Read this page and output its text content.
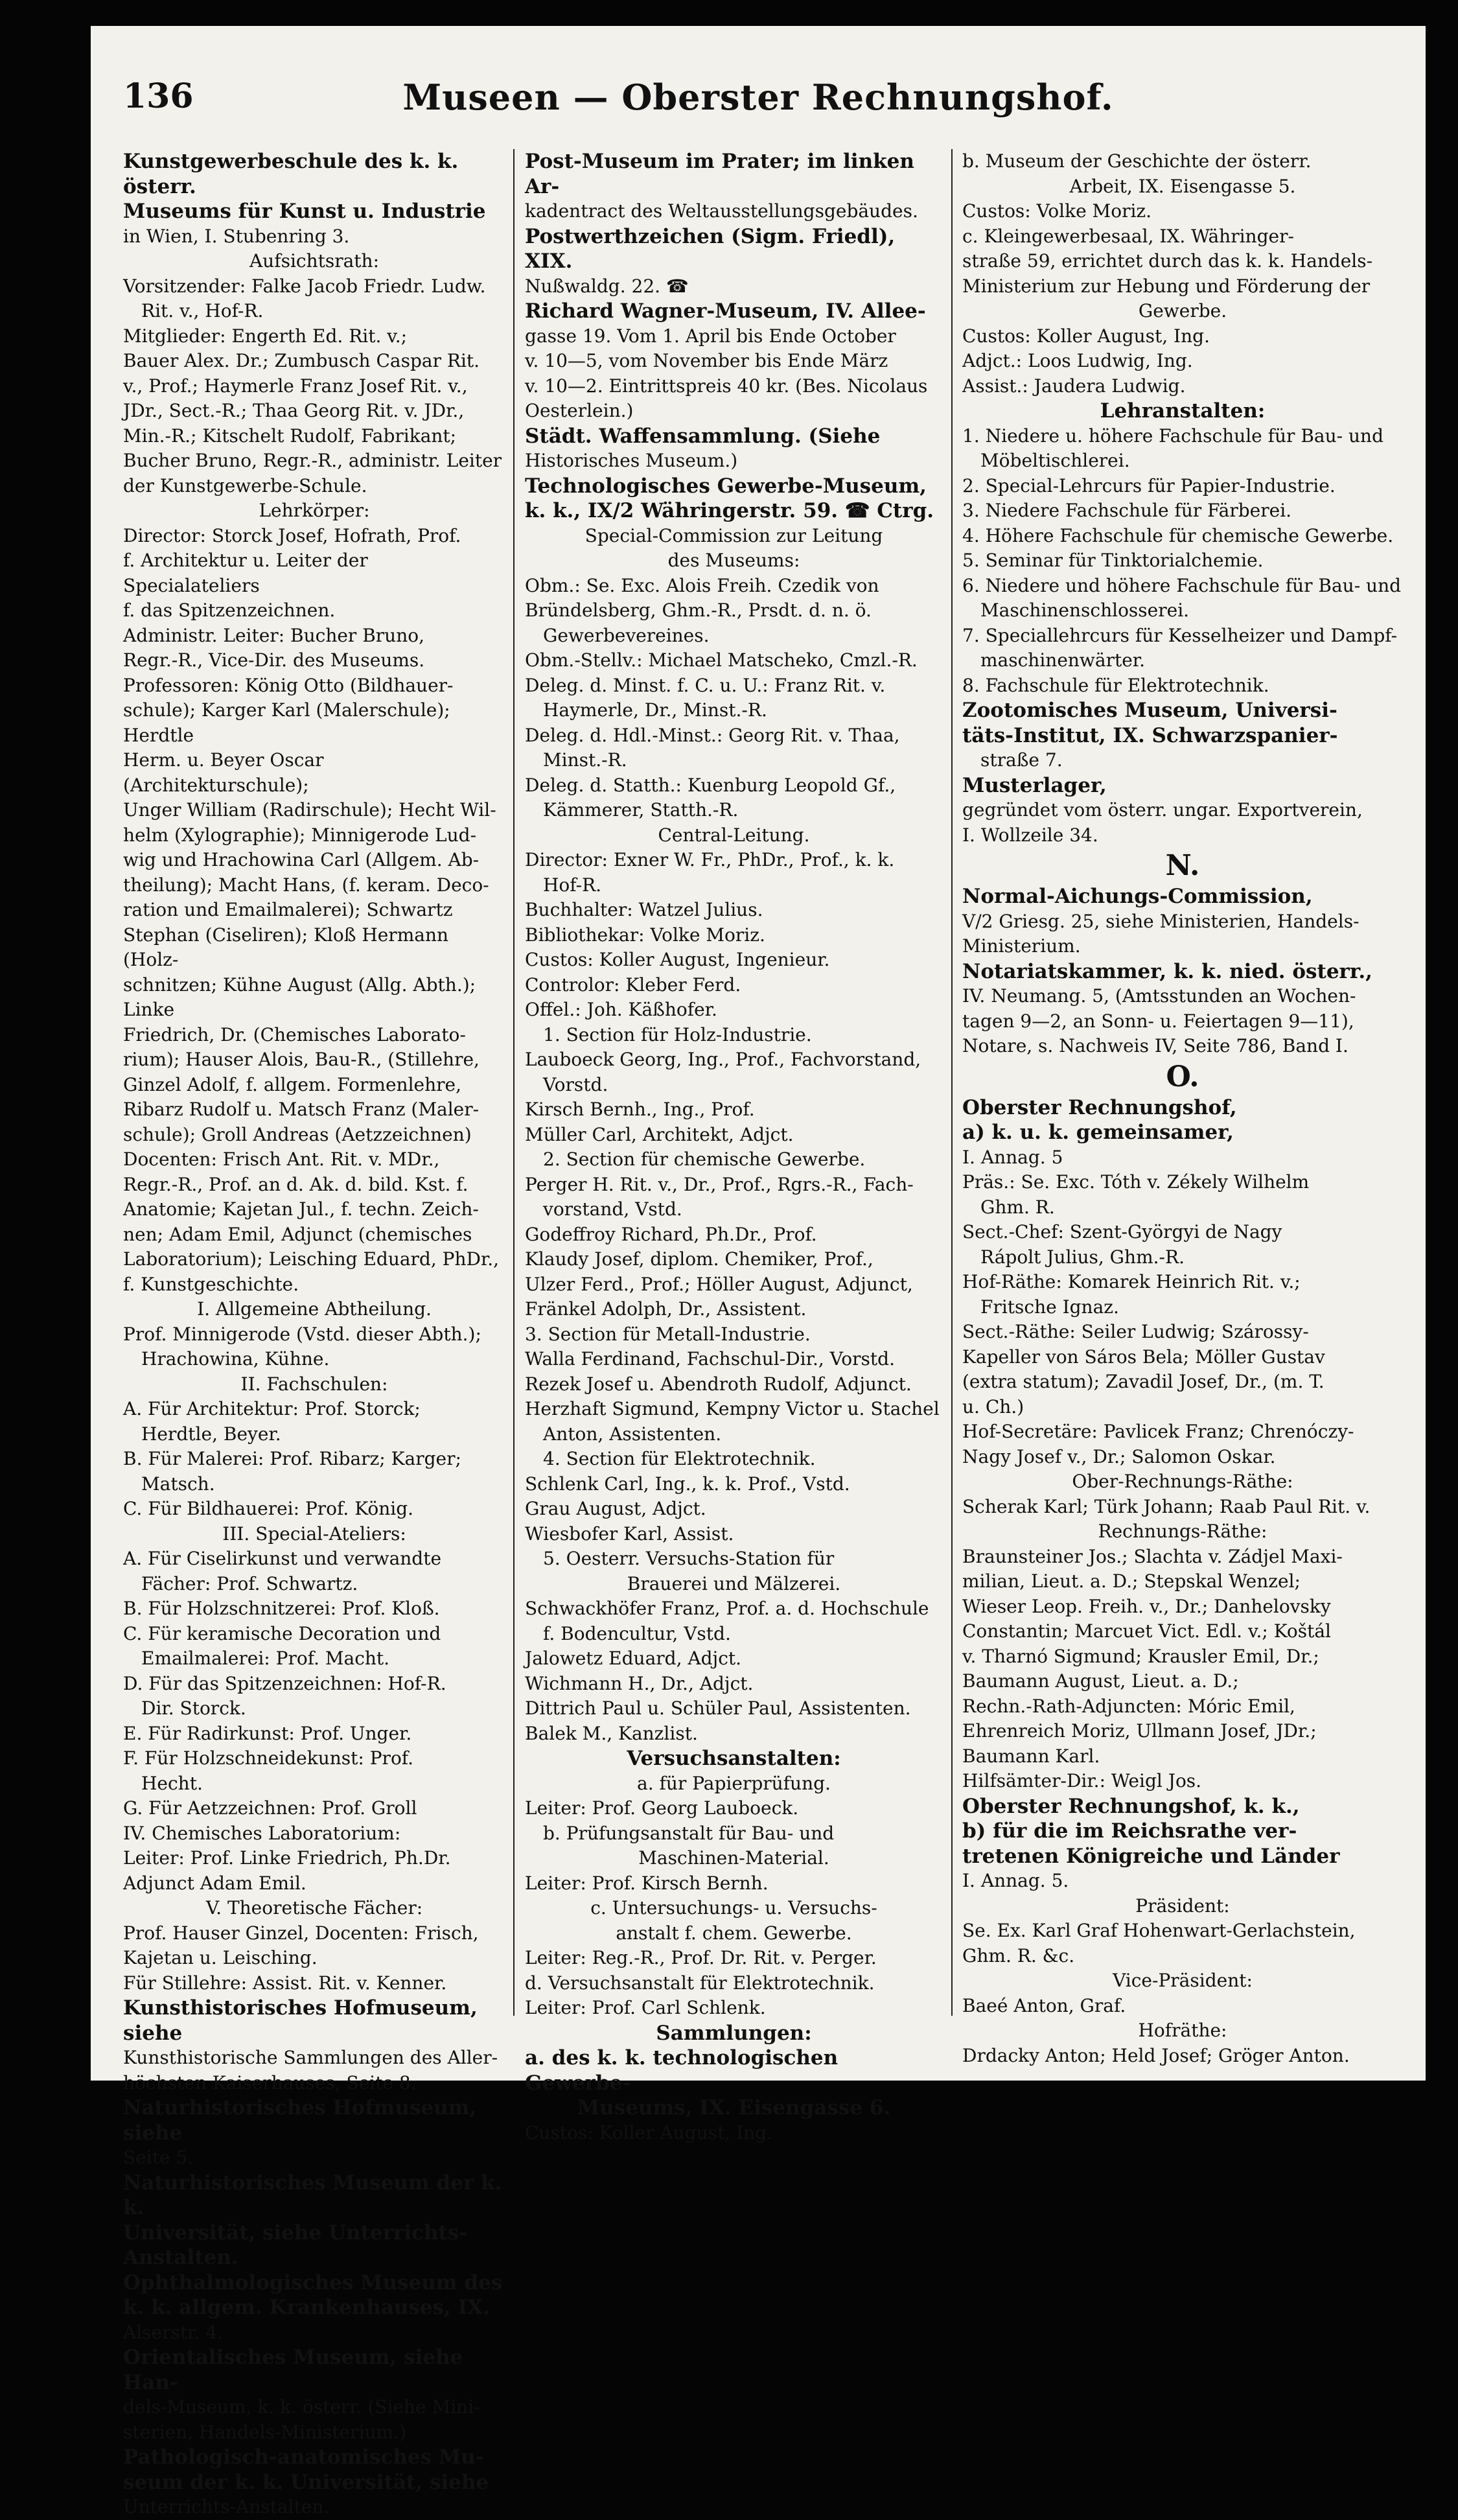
136	Museen — Oberster Rechnungshof.
Kunstgewerbeschule des k. k. österr.
Museums für Kunst u. Industrie
in Wien, I. Stubenring 3.
Aufsichtsrath:
Vorsitzender: Falke Jacob Friedr. Ludw.
Rit. v., Hof-R.
Mitglieder: Engerth Ed. Rit. v.;
Bauer Alex. Dr.; Zumbusch Caspar Rit.
v., Prof.; Haymerle Franz Josef Rit. v.,
JDr., Sect.-R.; Thaa Georg Rit. v. JDr.,
Min.-R.; Kitschelt Rudolf, Fabrikant;
Bucher Bruno, Regr.-R., administr. Leiter
der Kunstgewerbe-Schule.
Lehrkörper:
Director: Storck Josef, Hofrath, Prof.
f. Architektur u. Leiter der Specialateliers
f. das Spitzenzeichnen.
Administr. Leiter: Bucher Bruno,
Regr.-R., Vice-Dir. des Museums.
Professoren: König Otto (Bildhauer-
schule); Karger Karl (Malerschule); Herdtle
Herm. u. Beyer Oscar (Architekturschule);
Unger William (Radirschule); Hecht Wil-
helm (Xylographie); Minnigerode Lud-
wig und Hrachowina Carl (Allgem. Ab-
theilung); Macht Hans, (f. keram. Deco-
ration und Emailmalerei); Schwartz
Stephan (Ciseliren); Kloß Hermann (Holz-
schnitzen; Kühne August (Allg. Abth.); Linke
Friedrich, Dr. (Chemisches Laborato-
rium); Hauser Alois, Bau-R., (Stillehre,
Ginzel Adolf, f. allgem. Formenlehre,
Ribarz Rudolf u. Matsch Franz (Maler-
schule); Groll Andreas (Aetzzeichnen)
Docenten: Frisch Ant. Rit. v. MDr.,
Regr.-R., Prof. an d. Ak. d. bild. Kst. f.
Anatomie; Kajetan Jul., f. techn. Zeich-
nen; Adam Emil, Adjunct (chemisches
Laboratorium); Leisching Eduard, PhDr.,
f. Kunstgeschichte.
I. Allgemeine Abtheilung.
Prof. Minnigerode (Vstd. dieser Abth.);
Hrachowina, Kühne.
II. Fachschulen:
A. Für Architektur: Prof. Storck;
Herdtle, Beyer.
B. Für Malerei: Prof. Ribarz; Karger;
Matsch.
C. Für Bildhauerei: Prof. König.
III. Special-Ateliers:
A. Für Ciselirkunst und verwandte
Fächer: Prof. Schwartz.
B. Für Holzschnitzerei: Prof. Kloß.
C. Für keramische Decoration und
Emailmalerei: Prof. Macht.
D. Für das Spitzenzeichnen: Hof-R.
Dir. Storck.
E. Für Radirkunst: Prof. Unger.
F. Für Holzschneidekunst: Prof.
Hecht.
G. Für Aetzzeichnen: Prof. Groll
IV. Chemisches Laboratorium:
Leiter: Prof. Linke Friedrich, Ph.Dr.
Adjunct Adam Emil.
V. Theoretische Fächer:
Prof. Hauser Ginzel, Docenten: Frisch,
Kajetan u. Leisching.
Für Stillehre: Assist. Rit. v. Kenner.
Kunsthistorisches Hofmuseum, siehe
Kunsthistorische Sammlungen des Aller-
höchsten Kaiserhauses, Seite 8.
Naturhistorisches Hofmuseum, siehe
Seite 5.
Naturhistorisches Museum der k. k.
Universität, siehe Unterrichts-Anstalten.
Ophthalmologisches Museum des
k. k. allgem. Krankenhauses, IX.
Alserstr. 4.
Orientalisches Museum, siehe Han-
dels-Museum, k. k. österr. (Siehe Mini-
sterien, Handels-Ministerium.)
Pathologisch-anatomisches Mu-
seum der k. k. Universität, siehe
Unterrichts-Anstalten.
Post-Museum im Prater; im linken Ar-
kadentract des Weltausstellungsgebäudes.
Postwerthzeichen (Sigm. Friedl), XIX.
Nußwaldg. 22. ☎
Richard Wagner-Museum, IV. Allee-
gasse 19. Vom 1. April bis Ende October
v. 10—5, vom November bis Ende März
v. 10—2. Eintrittspreis 40 kr. (Bes. Nicolaus
Oesterlein.)
Städt. Waffensammlung. (Siehe
Historisches Museum.)
Technologisches Gewerbe-Museum,
k. k., IX/2 Währingerstr. 59. ☎ Ctrg.
Special-Commission zur Leitung
des Museums:
Obm.: Se. Exc. Alois Freih. Czedik von
Bründelsberg, Ghm.-R., Prsdt. d. n. ö.
Gewerbevereines.
Obm.-Stellv.: Michael Matscheko, Cmzl.-R.
Deleg. d. Minst. f. C. u. U.: Franz Rit. v.
Haymerle, Dr., Minst.-R.
Deleg. d. Hdl.-Minst.: Georg Rit. v. Thaa,
Minst.-R.
Deleg. d. Statth.: Kuenburg Leopold Gf.,
Kämmerer, Statth.-R.
Central-Leitung.
Director: Exner W. Fr., PhDr., Prof., k. k.
Hof-R.
Buchhalter: Watzel Julius.
Bibliothekar: Volke Moriz.
Custos: Koller August, Ingenieur.
Controlor: Kleber Ferd.
Offel.: Joh. Käßhofer.
1. Section für Holz-Industrie.
Lauboeck Georg, Ing., Prof., Fachvorstand,
Vorstd.
Kirsch Bernh., Ing., Prof.
Müller Carl, Architekt, Adjct.
2. Section für chemische Gewerbe.
Perger H. Rit. v., Dr., Prof., Rgrs.-R., Fach-
vorstand, Vstd.
Godeffroy Richard, Ph.Dr., Prof.
Klaudy Josef, diplom. Chemiker, Prof.,
Ulzer Ferd., Prof.; Höller August, Adjunct,
Fränkel Adolph, Dr., Assistent.
3. Section für Metall-Industrie.
Walla Ferdinand, Fachschul-Dir., Vorstd.
Rezek Josef u. Abendroth Rudolf, Adjunct.
Herzhaft Sigmund, Kempny Victor u. Stachel
Anton, Assistenten.
4. Section für Elektrotechnik.
Schlenk Carl, Ing., k. k. Prof., Vstd.
Grau August, Adjct.
Wiesbofer Karl, Assist.
5. Oesterr. Versuchs-Station für
Brauerei und Mälzerei.
Schwackhöfer Franz, Prof. a. d. Hochschule
f. Bodencultur, Vstd.
Jalowetz Eduard, Adjct.
Wichmann H., Dr., Adjct.
Dittrich Paul u. Schüler Paul, Assistenten.
Balek M., Kanzlist.
Versuchsanstalten:
a. für Papierprüfung.
Leiter: Prof. Georg Lauboeck.
b. Prüfungsanstalt für Bau- und
Maschinen-Material.
Leiter: Prof. Kirsch Bernh.
c. Untersuchungs- u. Versuchs-
anstalt f. chem. Gewerbe.
Leiter: Reg.-R., Prof. Dr. Rit. v. Perger.
d. Versuchsanstalt für Elektrotechnik.
Leiter: Prof. Carl Schlenk.
Sammlungen:
a. des k. k. technologischen Gewerbe-
Museums, IX. Eisengasse 6.
Custos: Koller August, Ing.
b. Museum der Geschichte der österr.
Arbeit, IX. Eisengasse 5.
Custos: Volke Moriz.
c. Kleingewerbesaal, IX. Währinger-
straße 59, errichtet durch das k. k. Handels-
Ministerium zur Hebung und Förderung der
Gewerbe.
Custos: Koller August, Ing.
Adjct.: Loos Ludwig, Ing.
Assist.: Jaudera Ludwig.
Lehranstalten:
1. Niedere u. höhere Fachschule für Bau- und
Möbeltischlerei.
2. Special-Lehrcurs für Papier-Industrie.
3. Niedere Fachschule für Färberei.
4. Höhere Fachschule für chemische Gewerbe.
5. Seminar für Tinktorialchemie.
6. Niedere und höhere Fachschule für Bau- und
Maschinenschlosserei.
7. Speciallehrcurs für Kesselheizer und Dampf-
maschinenwärter.
8. Fachschule für Elektrotechnik.
Zootomisches Museum, Universi-
täts-Institut, IX. Schwarzspanier-
straße 7.
Musterlager,
gegründet vom österr. ungar. Exportverein,
I. Wollzeile 34.
N.
Normal-Aichungs-Commission,
V/2 Griesg. 25, siehe Ministerien, Handels-
Ministerium.
Notariatskammer, k. k. nied. österr.,
IV. Neumang. 5, (Amtsstunden an Wochen-
tagen 9—2, an Sonn- u. Feiertagen 9—11),
Notare, s. Nachweis IV, Seite 786, Band I.
O.
Oberster Rechnungshof,
a) k. u. k. gemeinsamer,
I. Annag. 5
Präs.: Se. Exc. Tóth v. Zékely Wilhelm
Ghm. R.
Sect.-Chef: Szent-Györgyi de Nagy
Rápolt Julius, Ghm.-R.
Hof-Räthe: Komarek Heinrich Rit. v.;
Fritsche Ignaz.
Sect.-Räthe: Seiler Ludwig; Szárossy-
Kapeller von Sáros Bela; Möller Gustav
(extra statum); Zavadil Josef, Dr., (m. T.
u. Ch.)
Hof-Secretäre: Pavlicek Franz; Chrenóczy-
Nagy Josef v., Dr.; Salomon Oskar.
Ober-Rechnungs-Räthe:
Scherak Karl; Türk Johann; Raab Paul Rit. v.
Rechnungs-Räthe:
Braunsteiner Jos.; Slachta v. Zádjel Maxi-
milian, Lieut. a. D.; Stepskal Wenzel;
Wieser Leop. Freih. v., Dr.; Danhelovsky
Constantin; Marcuet Vict. Edl. v.; Koštál
v. Tharnó Sigmund; Krausler Emil, Dr.;
Baumann August, Lieut. a. D.;
Rechn.-Rath-Adjuncten: Móric Emil,
Ehrenreich Moriz, Ullmann Josef, JDr.;
Baumann Karl.
Hilfsämter-Dir.: Weigl Jos.
Oberster Rechnungshof, k. k.,
b) für die im Reichsrathe ver-
tretenen Königreiche und Länder
I. Annag. 5.
Präsident:
Se. Ex. Karl Graf Hohenwart-Gerlachstein,
Ghm. R. &c.
Vice-Präsident:
Baeé Anton, Graf.
Hofräthe:
Drdacky Anton; Held Josef; Gröger Anton.
